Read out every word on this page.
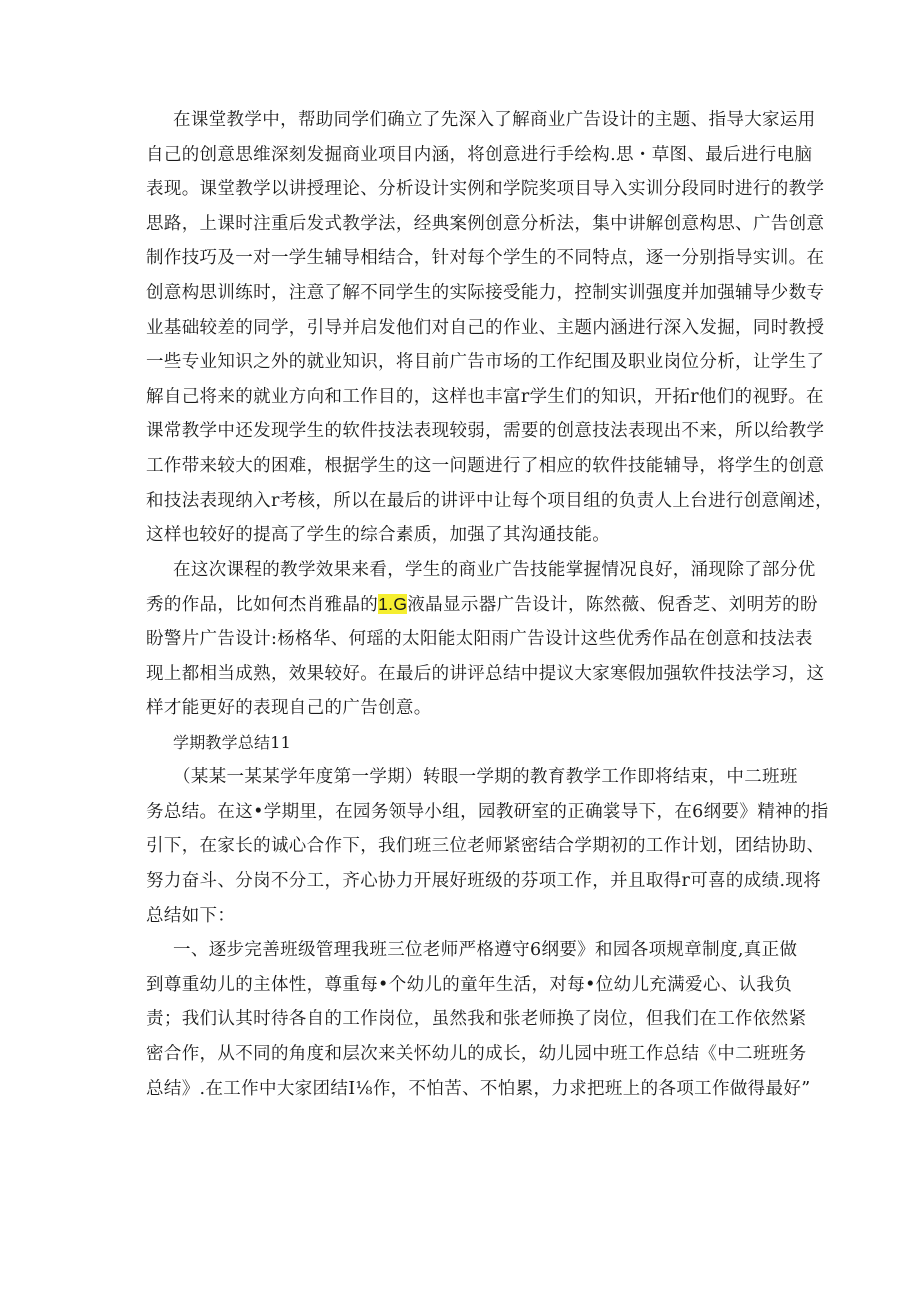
在课堂教学中，帮助同学们确立了先深入了解商业广告设计的主题、指导大家运用
自己的创意思维深刻发掘商业项目内涵，将创意进行手绘构.思・草图、最后进行电脑
表现。课堂教学以讲授理论、分析设计实例和学院奖项目导入实训分段同时进行的教学
思路，上课时注重后发式教学法，经典案例创意分析法，集中讲解创意构思、广告创意
制作技巧及一对一学生辅导相结合，针对每个学生的不同特点，逐一分别指导实训。在
创意构思训练时，注意了解不同学生的实际接受能力，控制实训强度并加强辅导少数专
业基础较差的同学，引导并启发他们对自己的作业、主题内涵进行深入发掘，同时教授
一些专业知识之外的就业知识，将目前广告市场的工作纪围及职业岗位分析，让学生了
解自己将来的就业方向和工作目的，这样也丰富r学生们的知识，开拓r他们的视野。在
课常教学中还发现学生的软件技法表现较弱，需要的创意技法表现出不来，所以给教学
工作带来较大的困难，根据学生的这一问题进行了相应的软件技能辅导，将学生的创意
和技法表现纳入r考核，所以在最后的讲评中让每个项目组的负责人上台进行创意阐述，
这样也较好的提高了学生的综合素质，加强了其沟通技能。
在这次课程的教学效果来看，学生的商业广告技能掌握情况良好，涌现除了部分优
秀的作品，比如何杰肖雅晶的1.G液晶显示器广告设计，陈然薇、倪香芝、刘明芳的盼
盼警片广告设计:杨格华、何瑶的太阳能太阳雨广告设计这些优秀作品在创意和技法表
现上都相当成熟，效果较好。在最后的讲评总结中提议大家寒假加强软件技法学习，这
样才能更好的表现自己的广告创意。
学期教学总结11
（某某一某某学年度第一学期）转眼一学期的教育教学工作即将结束，中二班班
务总结。在这•学期里，在园务领导小组，园教研室的正确裳导下，在6纲要》精神的指
引下，在家长的诚心合作下，我们班三位老师紧密结合学期初的工作计划，团结协助、
努力奋斗、分岗不分工，齐心协力开展好班级的芬项工作，并且取得r可喜的成绩.现将
总结如下：
一、逐步完善班级管理我班三位老师严格遵守6纲要》和园各项规章制度,真正做
到尊重幼儿的主体性，尊重每•个幼儿的童年生活，对每•位幼儿充满爱心、认我负
责；我们认其时待各自的工作岗位，虽然我和张老师换了岗位，但我们在工作依然紧
密合作，从不同的角度和层次来关怀幼儿的成长，幼儿园中班工作总结《中二班班务
总结》.在工作中大家团结I⅛作，不怕苦、不怕累，力求把班上的各项工作做得最好”
